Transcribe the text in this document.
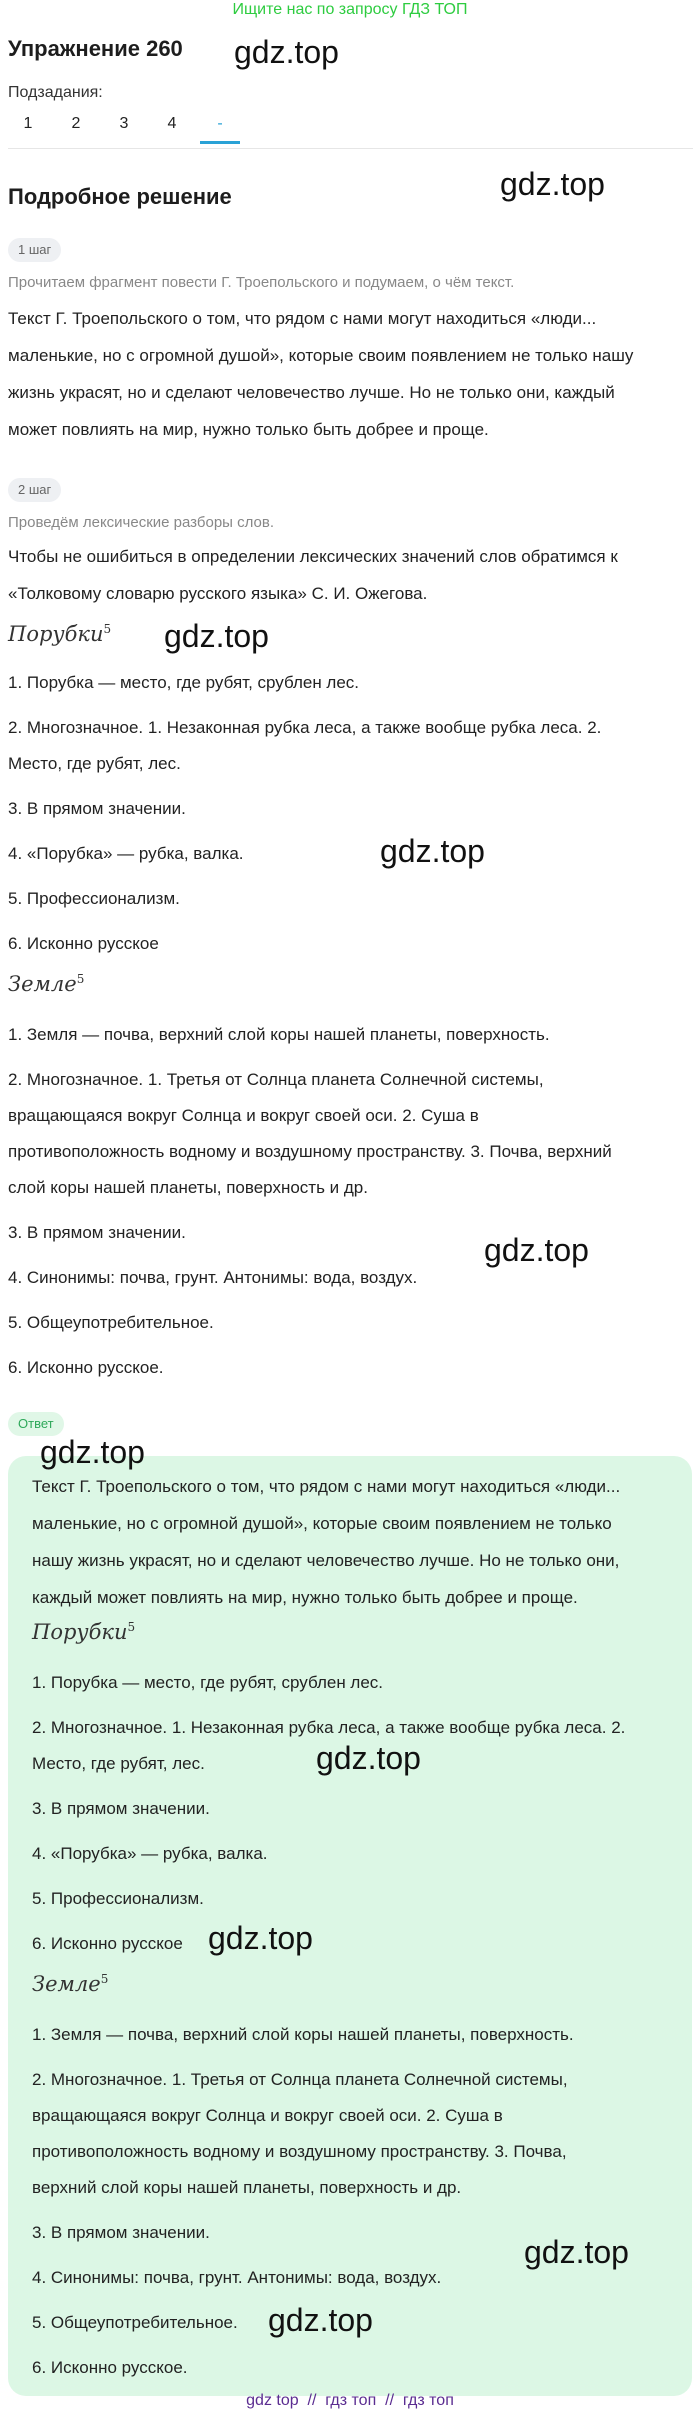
Ищите нас по запросу ГДЗ ТОП
Упражнение 260 gdz.top
Подзадания:
1	2	3	4	-
Подробное решение	gdz.top
1 шаг
Прочитаем фрагмент повести Г. Троепольского и подумаем, о чём текст.
Текст Г. Троепольского о том, что рядом с нами могут находиться «люди...
маленькие, но с огромной душой», которые своим появлением не только нашу
жизнь украсят, но и сделают человечество лучше. Но не только они, каждый
может повлиять на мир, нужно только быть добрее и проще.
2 шаг
Проведём лексические разборы слов.
Чтобы не ошибиться в определении лексических значений слов обратимся к
«Толковому словарю русского языка» С. И. Ожегова.
Порубки$^5$ gdz.top
1. Порубка — место, где рубят, срублен лес.
2. Многозначное. 1. Незаконная рубка леса, а также вообще рубка леса. 2.
Место, где рубят, лес.
3. В прямом значении.
4. «Порубка» — рубка, валка.	gdz.top
5. Профессионализм.
6. Исконно русское
Земле$^5$
1. Земля — почва, верхний слой коры нашей планеты, поверхность.
2. Многозначное. 1. Третья от Солнца планета Солнечной системы,
вращающаяся вокруг Солнца и вокруг своей оси. 2. Суша в
противоположность водному и воздушному пространству. 3. Почва, верхний
слой коры нашей планеты, поверхность и др.
3. В прямом значении.	gdz.top
4. Синонимы: почва, грунт. Антонимы: вода, воздух.
5. Общеупотребительное.
6. Исконно русское.
Ответ
gdz.top
Текст Г. Троепольского о том, что рядом с нами могут находиться «люди...
маленькие, но с огромной душой», которые своим появлением не только
нашу жизнь украсят, но и сделают человечество лучше. Но не только они,
каждый может повлиять на мир, нужно только быть добрее и проще.
Порубки$^5$
1. Порубка — место, где рубят, срублен лес.
2. Многозначное. 1. Незаконная рубка леса, а также вообще рубка леса. 2.
Место, где рубят, лес.	gdz.top
3. В прямом значении.
4. «Порубка» — рубка, валка.
5. Профессионализм.
6. Исконно русское gdz.top
Земле$^5$
1. Земля — почва, верхний слой коры нашей планеты, поверхность.
2. Многозначное. 1. Третья от Солнца планета Солнечной системы,
вращающаяся вокруг Солнца и вокруг своей оси. 2. Суша в
противоположность водному и воздушному пространству. 3. Почва,
верхний слой коры нашей планеты, поверхность и др.
3. В прямом значении.
gdz.top
4. Синонимы: почва, грунт. Антонимы: вода, воздух.
5. Общеупотребительное. gdz.top
6. Исконно русское.
gdz top  //  гдз топ  //  гдз топ
